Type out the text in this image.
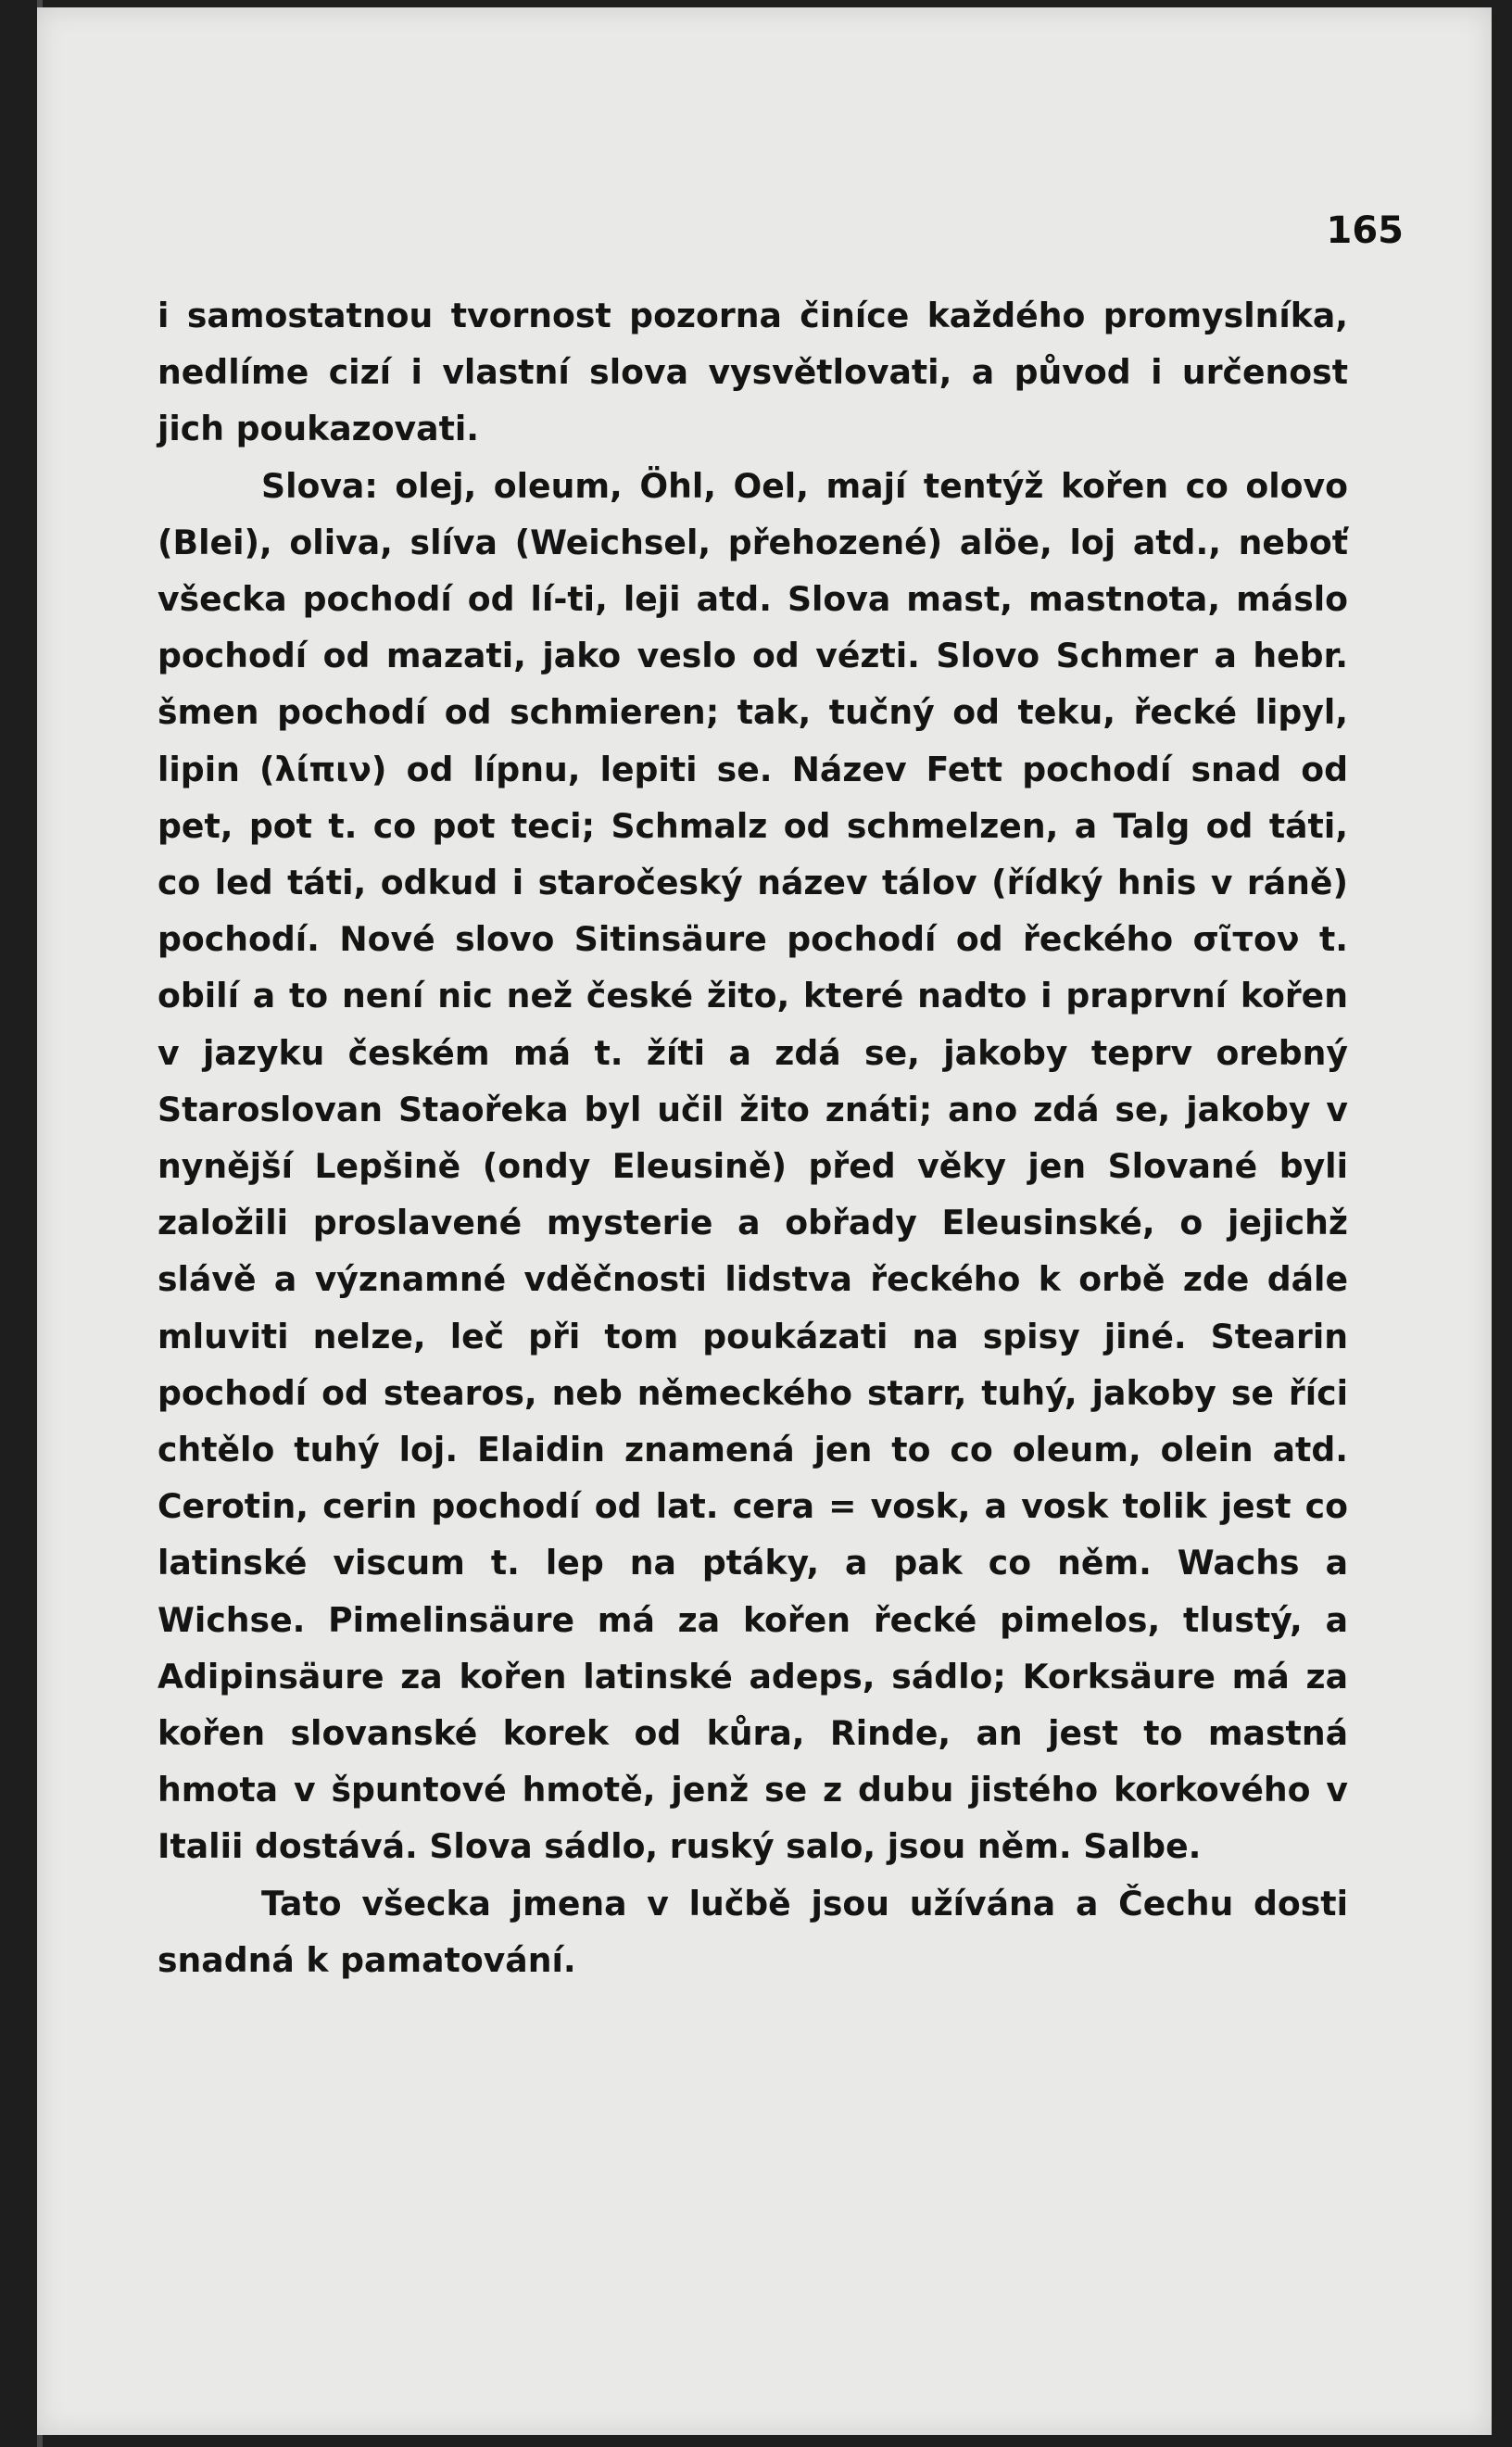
165

i samostatnou tvornost pozorna činíce každého promyslníka, nedlíme cizí i vlastní slova vysvětlovati, a původ i určenost jich poukazovati.

Slova: olej, oleum, Öhl, Oel, mají tentýž kořen co olovo (Blei), oliva, slíva (Weichsel, přehozené) alöe, loj atd., neboť všecka pochodí od lí-ti, leji atd. Slova mast, mastnota, máslo pochodí od mazati, jako veslo od vézti. Slovo Schmer a hebr. šmen pochodí od schmieren; tak, tučný od teku, řecké lipyl, lipin (λίπιν) od lípnu, lepiti se. Název Fett pochodí snad od pet, pot t. co pot teci; Schmalz od schmelzen, a Talg od táti, co led táti, odkud i staročeský název tálov (řídký hnis v ráně) pochodí. Nové slovo Sitinsäure pochodí od řeckého σῖτον t. obilí a to není nic než české žito, které nadto i praprvní kořen v jazyku českém má t. žíti a zdá se, jakoby teprv orebný Staroslovan Staořeka byl učil žito znáti; ano zdá se, jakoby v nynější Lepšině (ondy Eleusině) před věky jen Slované byli založili proslavené mysterie a obřady Eleusinské, o jejichž slávě a významné vděčnosti lidstva řeckého k orbě zde dále mluviti nelze, leč při tom poukázati na spisy jiné. Stearin pochodí od stearos, neb německého starr, tuhý, jakoby se říci chtělo tuhý loj. Elaidin znamená jen to co oleum, olein atd. Cerotin, cerin pochodí od lat. cera = vosk, a vosk tolik jest co latinské viscum t. lep na ptáky, a pak co něm. Wachs a Wichse. Pimelinsäure má za kořen řecké pimelos, tlustý, a Adipinsäure za kořen latinské adeps, sádlo; Korksäure má za kořen slovanské korek od kůra, Rinde, an jest to mastná hmota v špuntové hmotě, jenž se z dubu jistého korkového v Italii dostává. Slova sádlo, ruský salo, jsou něm. Salbe.

Tato všecka jmena v lučbě jsou užívána a Čechu dosti snadná k pamatování.
